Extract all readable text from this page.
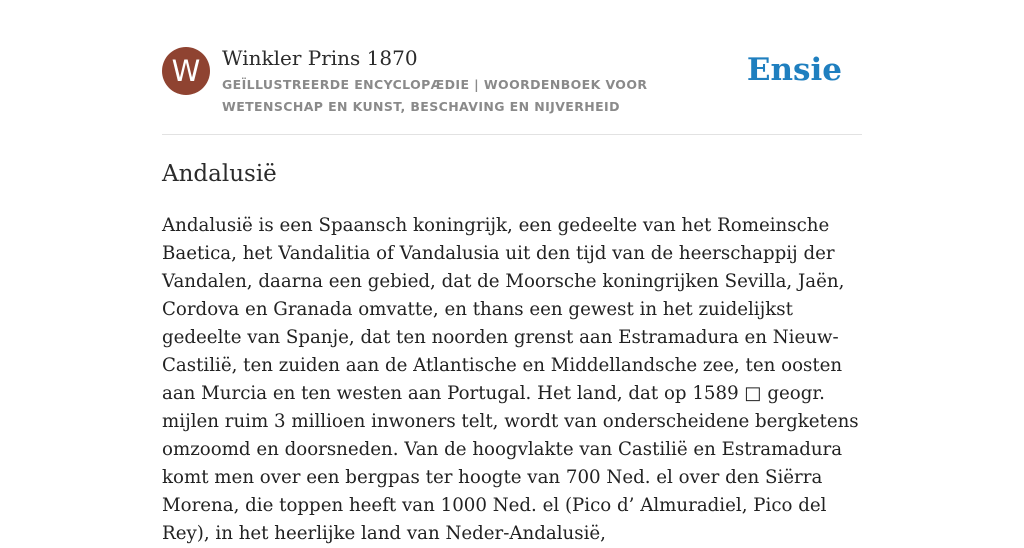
W	Winkler Prins 1870
GEÏLLUSTREERDE ENCYCLOPÆDIE | WOORDENBOEK VOOR WETENSCHAP EN KUNST, BESCHAVING EN NIJVERHEID
Ensie
Andalusië

Andalusië is een Spaansch koningrijk, een gedeelte van het Romeinsche Baetica, het Vandalitia of Vandalusia uit den tijd van de heerschappij der Vandalen, daarna een gebied, dat de Moorsche koningrijken Sevilla, Jaën, Cordova en Granada omvatte, en thans een gewest in het zuidelijkst gedeelte van Spanje, dat ten noorden grenst aan Estramadura en Nieuw-Castilië, ten zuiden aan de Atlantische en Middellandsche zee, ten oosten aan Murcia en ten westen aan Portugal. Het land, dat op 1589 □ geogr. mijlen ruim 3 millioen inwoners telt, wordt van onderscheidene bergketens omzoomd en doorsneden. Van de hoogvlakte van Castilië en Estramadura komt men over een bergpas ter hoogte van 700 Ned. el over den Siërra Morena, die toppen heeft van 1000 Ned. el (Pico d’ Almuradiel, Pico del Rey), in het heerlijke land van Neder-Andalusië,
